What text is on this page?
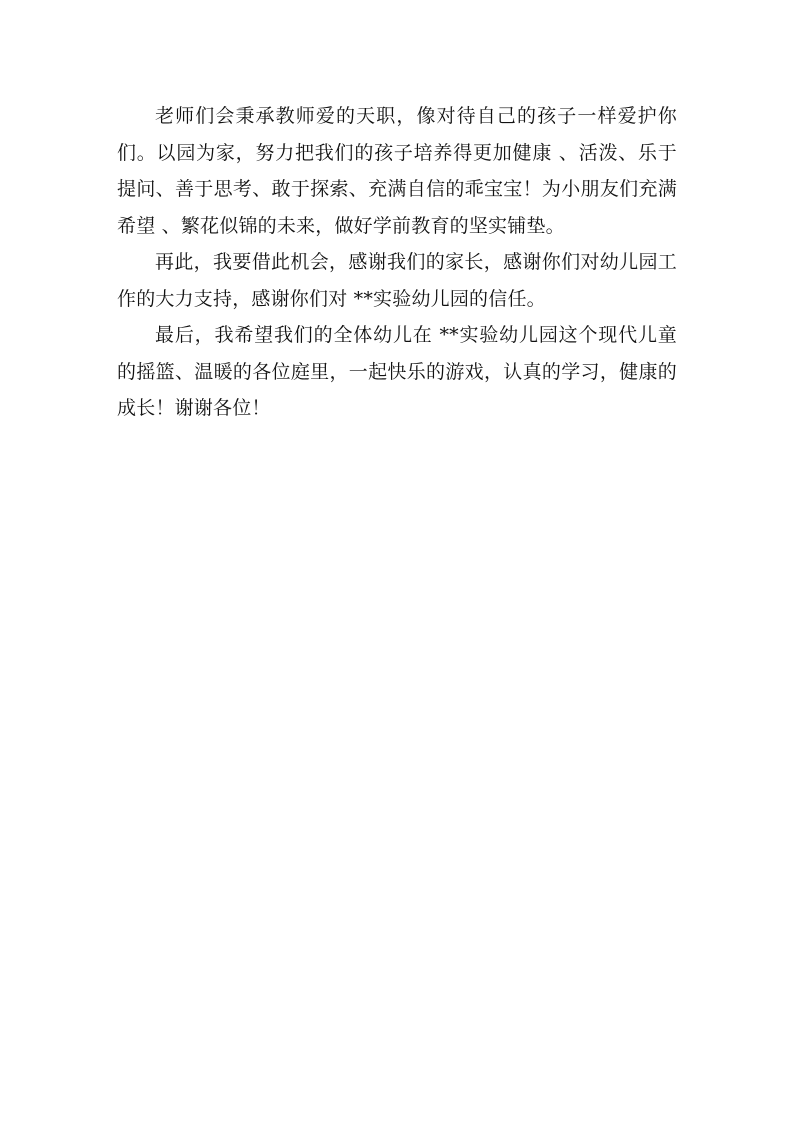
老师们会秉承教师爱的天职，像对待自己的孩子一样爱护你们。以园为家，努力把我们的孩子培养得更加健康 、活泼、乐于提问、善于思考、敢于探索、充满自信的乖宝宝！为小朋友们充满希望 、繁花似锦的未来，做好学前教育的坚实铺垫。

再此，我要借此机会，感谢我们的家长，感谢你们对幼儿园工作的大力支持，感谢你们对 **实验幼儿园的信任。

最后，我希望我们的全体幼儿在 **实验幼儿园这个现代儿童的摇篮、温暖的各位庭里，一起快乐的游戏，认真的学习，健康的成长！谢谢各位！
